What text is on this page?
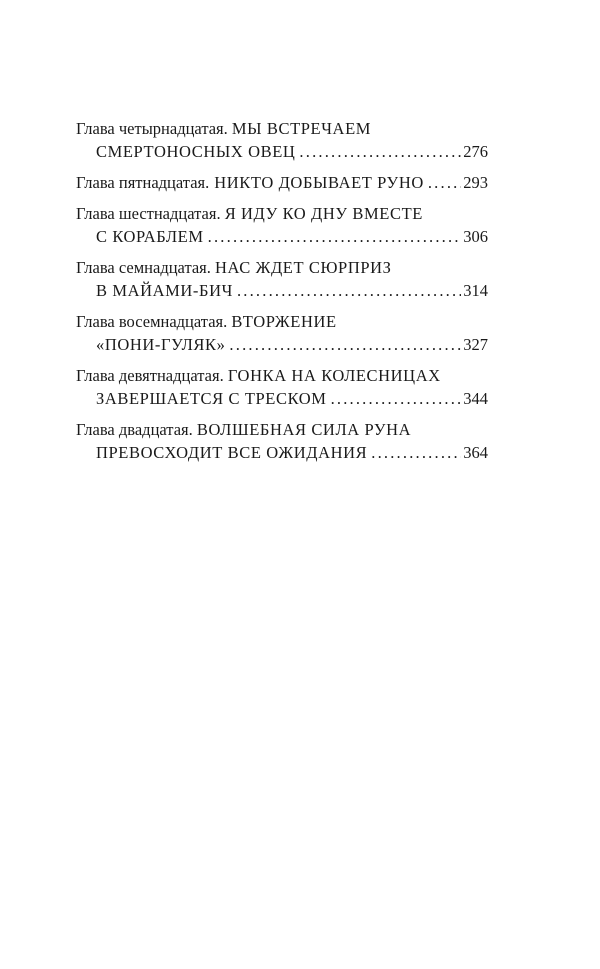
Глава четырнадцатая. МЫ ВСТРЕЧАЕМ
СМЕРТОНОСНЫХ ОВЕЦ .....	276
Глава пятнадцатая. НИКТО ДОБЫВАЕТ РУНО ..... 293
Глава шестнадцатая. Я ИДУ КО ДНУ ВМЕСТЕ
С КОРАБЛЕМ .....	306
Глава семнадцатая. НАС ЖДЕТ СЮРПРИЗ
В МАЙАМИ-БИЧ .....	314
Глава восемнадцатая. ВТОРЖЕНИЕ
«ПОНИ-ГУЛЯК» .....	327
Глава девятнадцатая. ГОНКА НА КОЛЕСНИЦАХ
ЗАВЕРШАЕТСЯ С ТРЕСКОМ .....	344
Глава двадцатая. ВОЛШЕБНАЯ СИЛА РУНА
ПРЕВОСХОДИТ ВСЕ ОЖИДАНИЯ .....	364
